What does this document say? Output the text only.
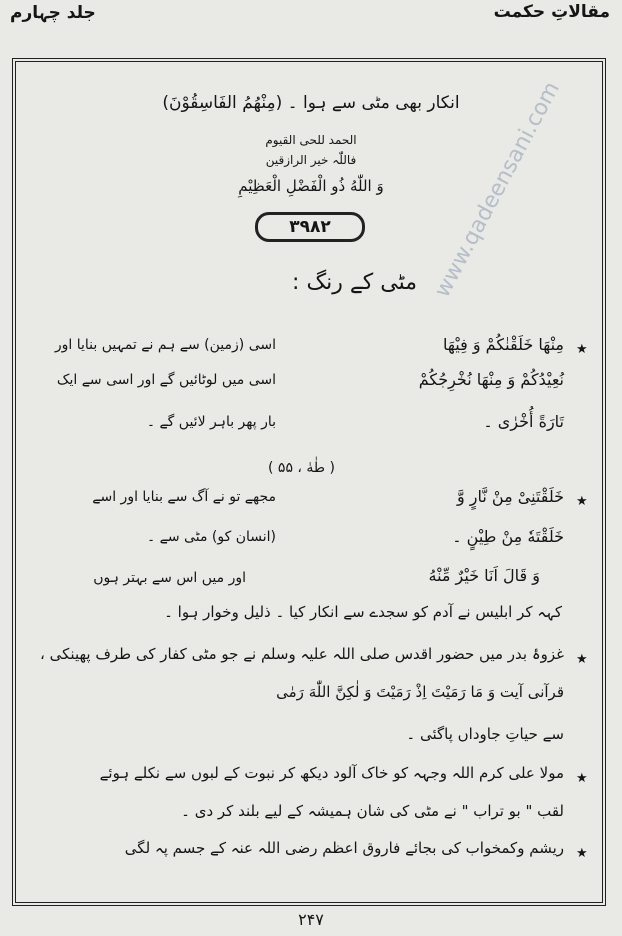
مقالاتِ حکمت
جلد چہارم
www.qadeensani.com
انکار بھی مٹی سے ہوا ۔ (مِنْهُمُ الفَاسِقُوْنَ)
الحمد للحی القیوم
فاللّٰہ خیر الرازقین
وَ اللّٰهُ ذُو الْفَضْلِ الْعَظِیْمِ
۳۹۸۲
مٹی کے رنگ :
★
مِنْهَا خَلَقْنٰكُمْ وَ فِيْهَا
اسی (زمین) سے ہم نے تمہیں بنایا اور
نُعِيْدُكُمْ وَ مِنْهَا نُخْرِجُكُمْ
اسی میں لوٹائیں گے اور اسی سے ایک
تَارَةً أُخْرٰى ۔
بار پھر باہر لائیں گے ۔
( طٰهٰ ، ۵۵ )
★
خَلَقْتَنِىْ مِنْ نَّارٍ وَّ
مجھے تو نے آگ سے بنایا اور اسے
خَلَقْتَهٗ مِنْ طِيْنٍ ۔
(انسان کو) مٹی سے ۔
وَ قَالَ اَنَا خَيْرٌ مِّنْهُ
اور میں اس سے بہتر ہوں
کہہ کر ابلیس نے آدم کو سجدے سے انکار کیا ۔ ذلیل وخوار ہوا ۔
★
غزوۂ بدر میں حضور اقدس صلی اللہ علیہ وسلم نے جو مٹی کفار کی طرف پھینکی ،
قرآنی آیت وَ مَا رَمَيْتَ اِذْ رَمَيْتَ وَ لٰكِنَّ اللّٰهَ رَمٰى
سے حیاتِ جاوداں پاگئی ۔
★
مولا علی کرم اللہ وجہہ کو خاک آلود دیکھ کر نبوت کے لبوں سے نکلے ہوئے
لقب " بو تراب " نے مٹی کی شان ہمیشہ کے لیے بلند کر دی ۔
★
ریشم وکمخواب کی بجائے فاروق اعظم رضی اللہ عنہ کے جسم پہ لگی
۲۴۷
